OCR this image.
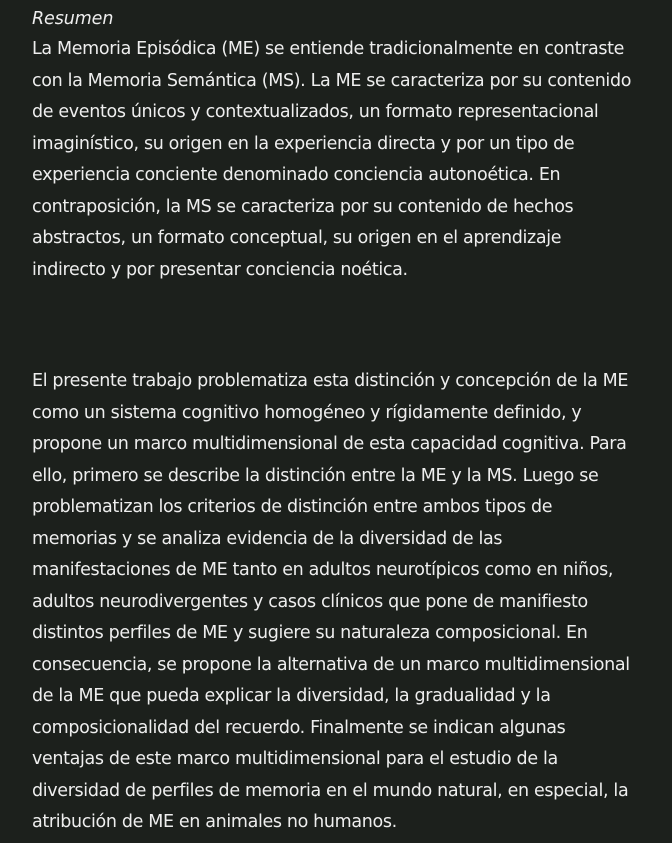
Resumen

La Memoria Episódica (ME) se entiende tradicionalmente en contraste
con la Memoria Semántica (MS). La ME se caracteriza por su contenido
de eventos únicos y contextualizados, un formato representacional
imaginístico, su origen en la experiencia directa y por un tipo de
experiencia conciente denominado conciencia autonoética. En
contraposición, la MS se caracteriza por su contenido de hechos
abstractos, un formato conceptual, su origen en el aprendizaje
indirecto y por presentar conciencia noética.

El presente trabajo problematiza esta distinción y concepción de la ME
como un sistema cognitivo homogéneo y rígidamente definido, y
propone un marco multidimensional de esta capacidad cognitiva. Para
ello, primero se describe la distinción entre la ME y la MS. Luego se
problematizan los criterios de distinción entre ambos tipos de
memorias y se analiza evidencia de la diversidad de las
manifestaciones de ME tanto en adultos neurotípicos como en niños,
adultos neurodivergentes y casos clínicos que pone de manifiesto
distintos perfiles de ME y sugiere su naturaleza composicional. En
consecuencia, se propone la alternativa de un marco multidimensional
de la ME que pueda explicar la diversidad, la gradualidad y la
composicionalidad del recuerdo. Finalmente se indican algunas
ventajas de este marco multidimensional para el estudio de la
diversidad de perfiles de memoria en el mundo natural, en especial, la
atribución de ME en animales no humanos.
